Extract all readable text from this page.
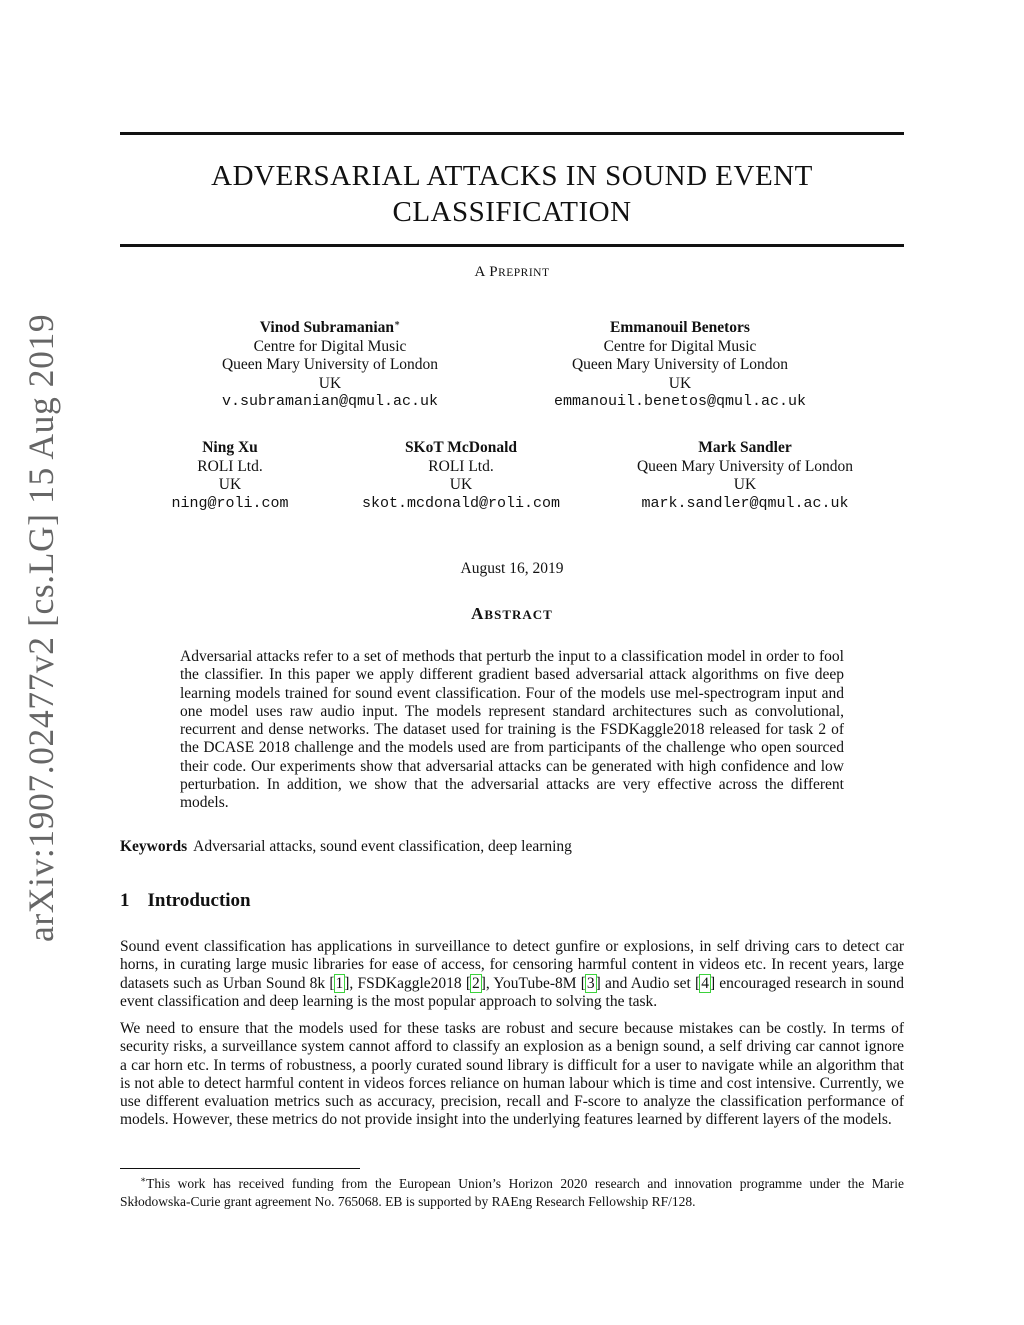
arXiv:1907.02477v2 [cs.LG] 15 Aug 2019
ADVERSARIAL ATTACKS IN SOUND EVENT
CLASSIFICATION
A PREPRINT
Vinod Subramanian∗
Centre for Digital Music
Queen Mary University of London
UK
v.subramanian@qmul.ac.uk
Emmanouil Benetors
Centre for Digital Music
Queen Mary University of London
UK
emmanouil.benetos@qmul.ac.uk
Ning Xu
ROLI Ltd.
UK
ning@roli.com
SKoT McDonald
ROLI Ltd.
UK
skot.mcdonald@roli.com
Mark Sandler
Queen Mary University of London
UK
mark.sandler@qmul.ac.uk
August 16, 2019
ABSTRACT
Adversarial attacks refer to a set of methods that perturb the input to a classification model in order to fool the classifier. In this paper we apply different gradient based adversarial attack algorithms on five deep learning models trained for sound event classification. Four of the models use mel-spectrogram input and one model uses raw audio input. The models represent standard architectures such as convolutional, recurrent and dense networks. The dataset used for training is the FSDKaggle2018 released for task 2 of the DCASE 2018 challenge and the models used are from participants of the challenge who open sourced their code. Our experiments show that adversarial attacks can be generated with high confidence and low perturbation. In addition, we show that the adversarial attacks are very effective across the different models.
Keywords Adversarial attacks, sound event classification, deep learning
1 Introduction

Sound event classification has applications in surveillance to detect gunfire or explosions, in self driving cars to detect car horns, in curating large music libraries for ease of access, for censoring harmful content in videos etc. In recent years, large datasets such as Urban Sound 8k [1], FSDKaggle2018 [2], YouTube-8M [3] and Audio set [4] encouraged research in sound event classification and deep learning is the most popular approach to solving the task.

We need to ensure that the models used for these tasks are robust and secure because mistakes can be costly. In terms of security risks, a surveillance system cannot afford to classify an explosion as a benign sound, a self driving car cannot ignore a car horn etc. In terms of robustness, a poorly curated sound library is difficult for a user to navigate while an algorithm that is not able to detect harmful content in videos forces reliance on human labour which is time and cost intensive. Currently, we use different evaluation metrics such as accuracy, precision, recall and F-score to analyze the classification performance of models. However, these metrics do not provide insight into the underlying features learned by different layers of the models.

∗This work has received funding from the European Union’s Horizon 2020 research and innovation programme under the Marie Skłodowska-Curie grant agreement No. 765068. EB is supported by RAEng Research Fellowship RF/128.
